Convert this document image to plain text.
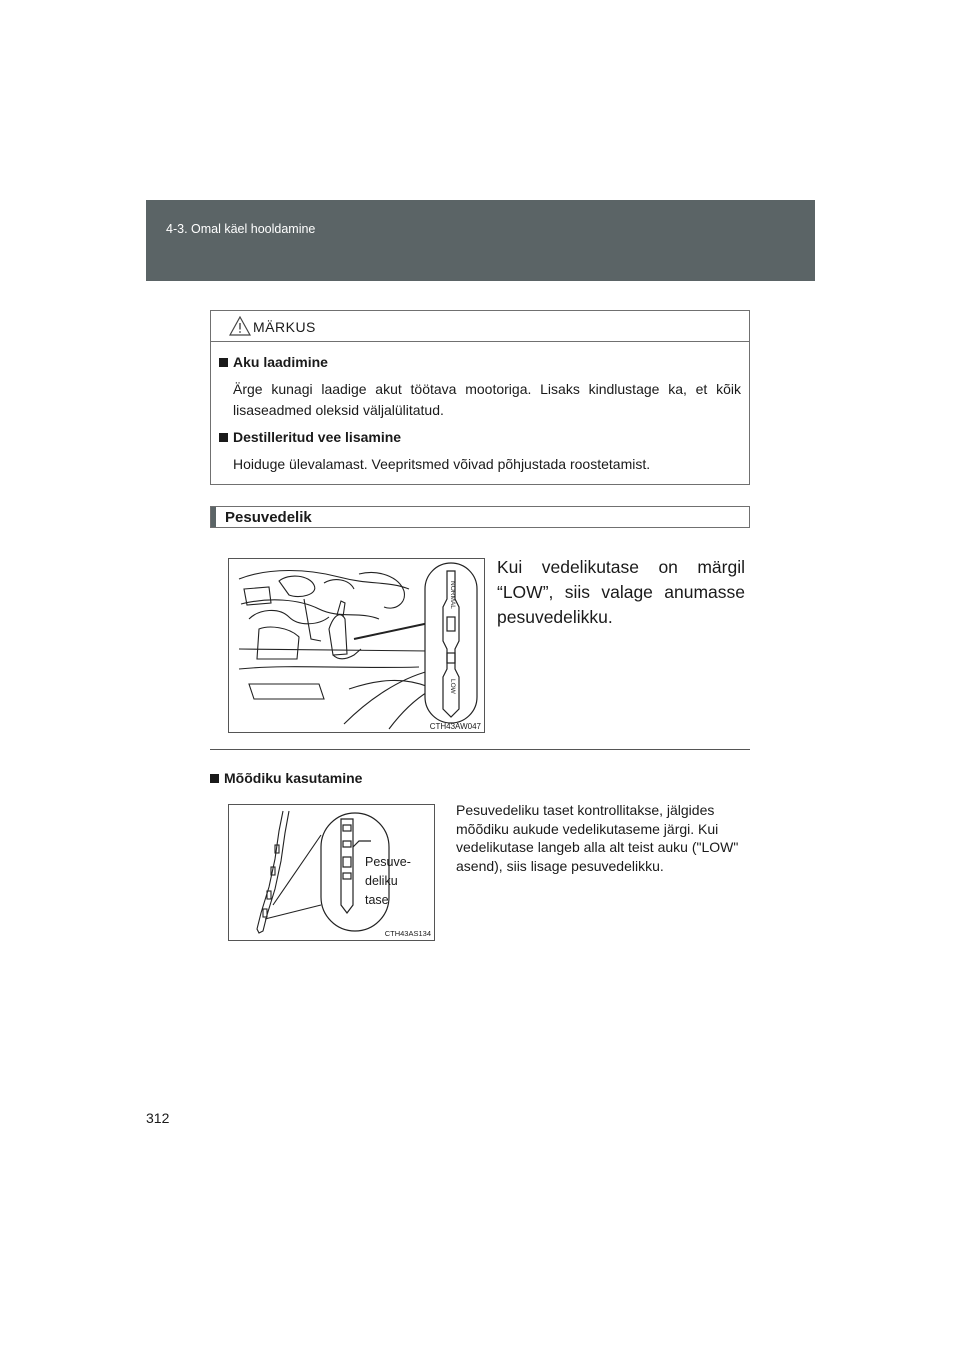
4-3. Omal käel hooldamine
MÄRKUS
Aku laadimine

Ärge kunagi laadige akut töötava mootoriga. Lisaks kindlustage ka, et kõik lisaseadmed oleksid väljalülitatud.

Destilleritud vee lisamine

Hoiduge ülevalamast. Veepritsmed võivad põhjustada roostetamist.

Pesuvedelik
NORMAL
LOW
CTH43AW047

Kui vedelikutase on märgil “LOW”, siis valage anumasse pesuvedelikku.

Mõõdiku kasutamine
Pesuve-
deliku
tase
CTH43AS134

Pesuvedeliku taset kontrollitakse, jälgides mõõdiku aukude vedelikutaseme järgi. Kui vedelikutase langeb alla alt teist auku ("LOW" asend), siis lisage pesuvedelikku.

312
